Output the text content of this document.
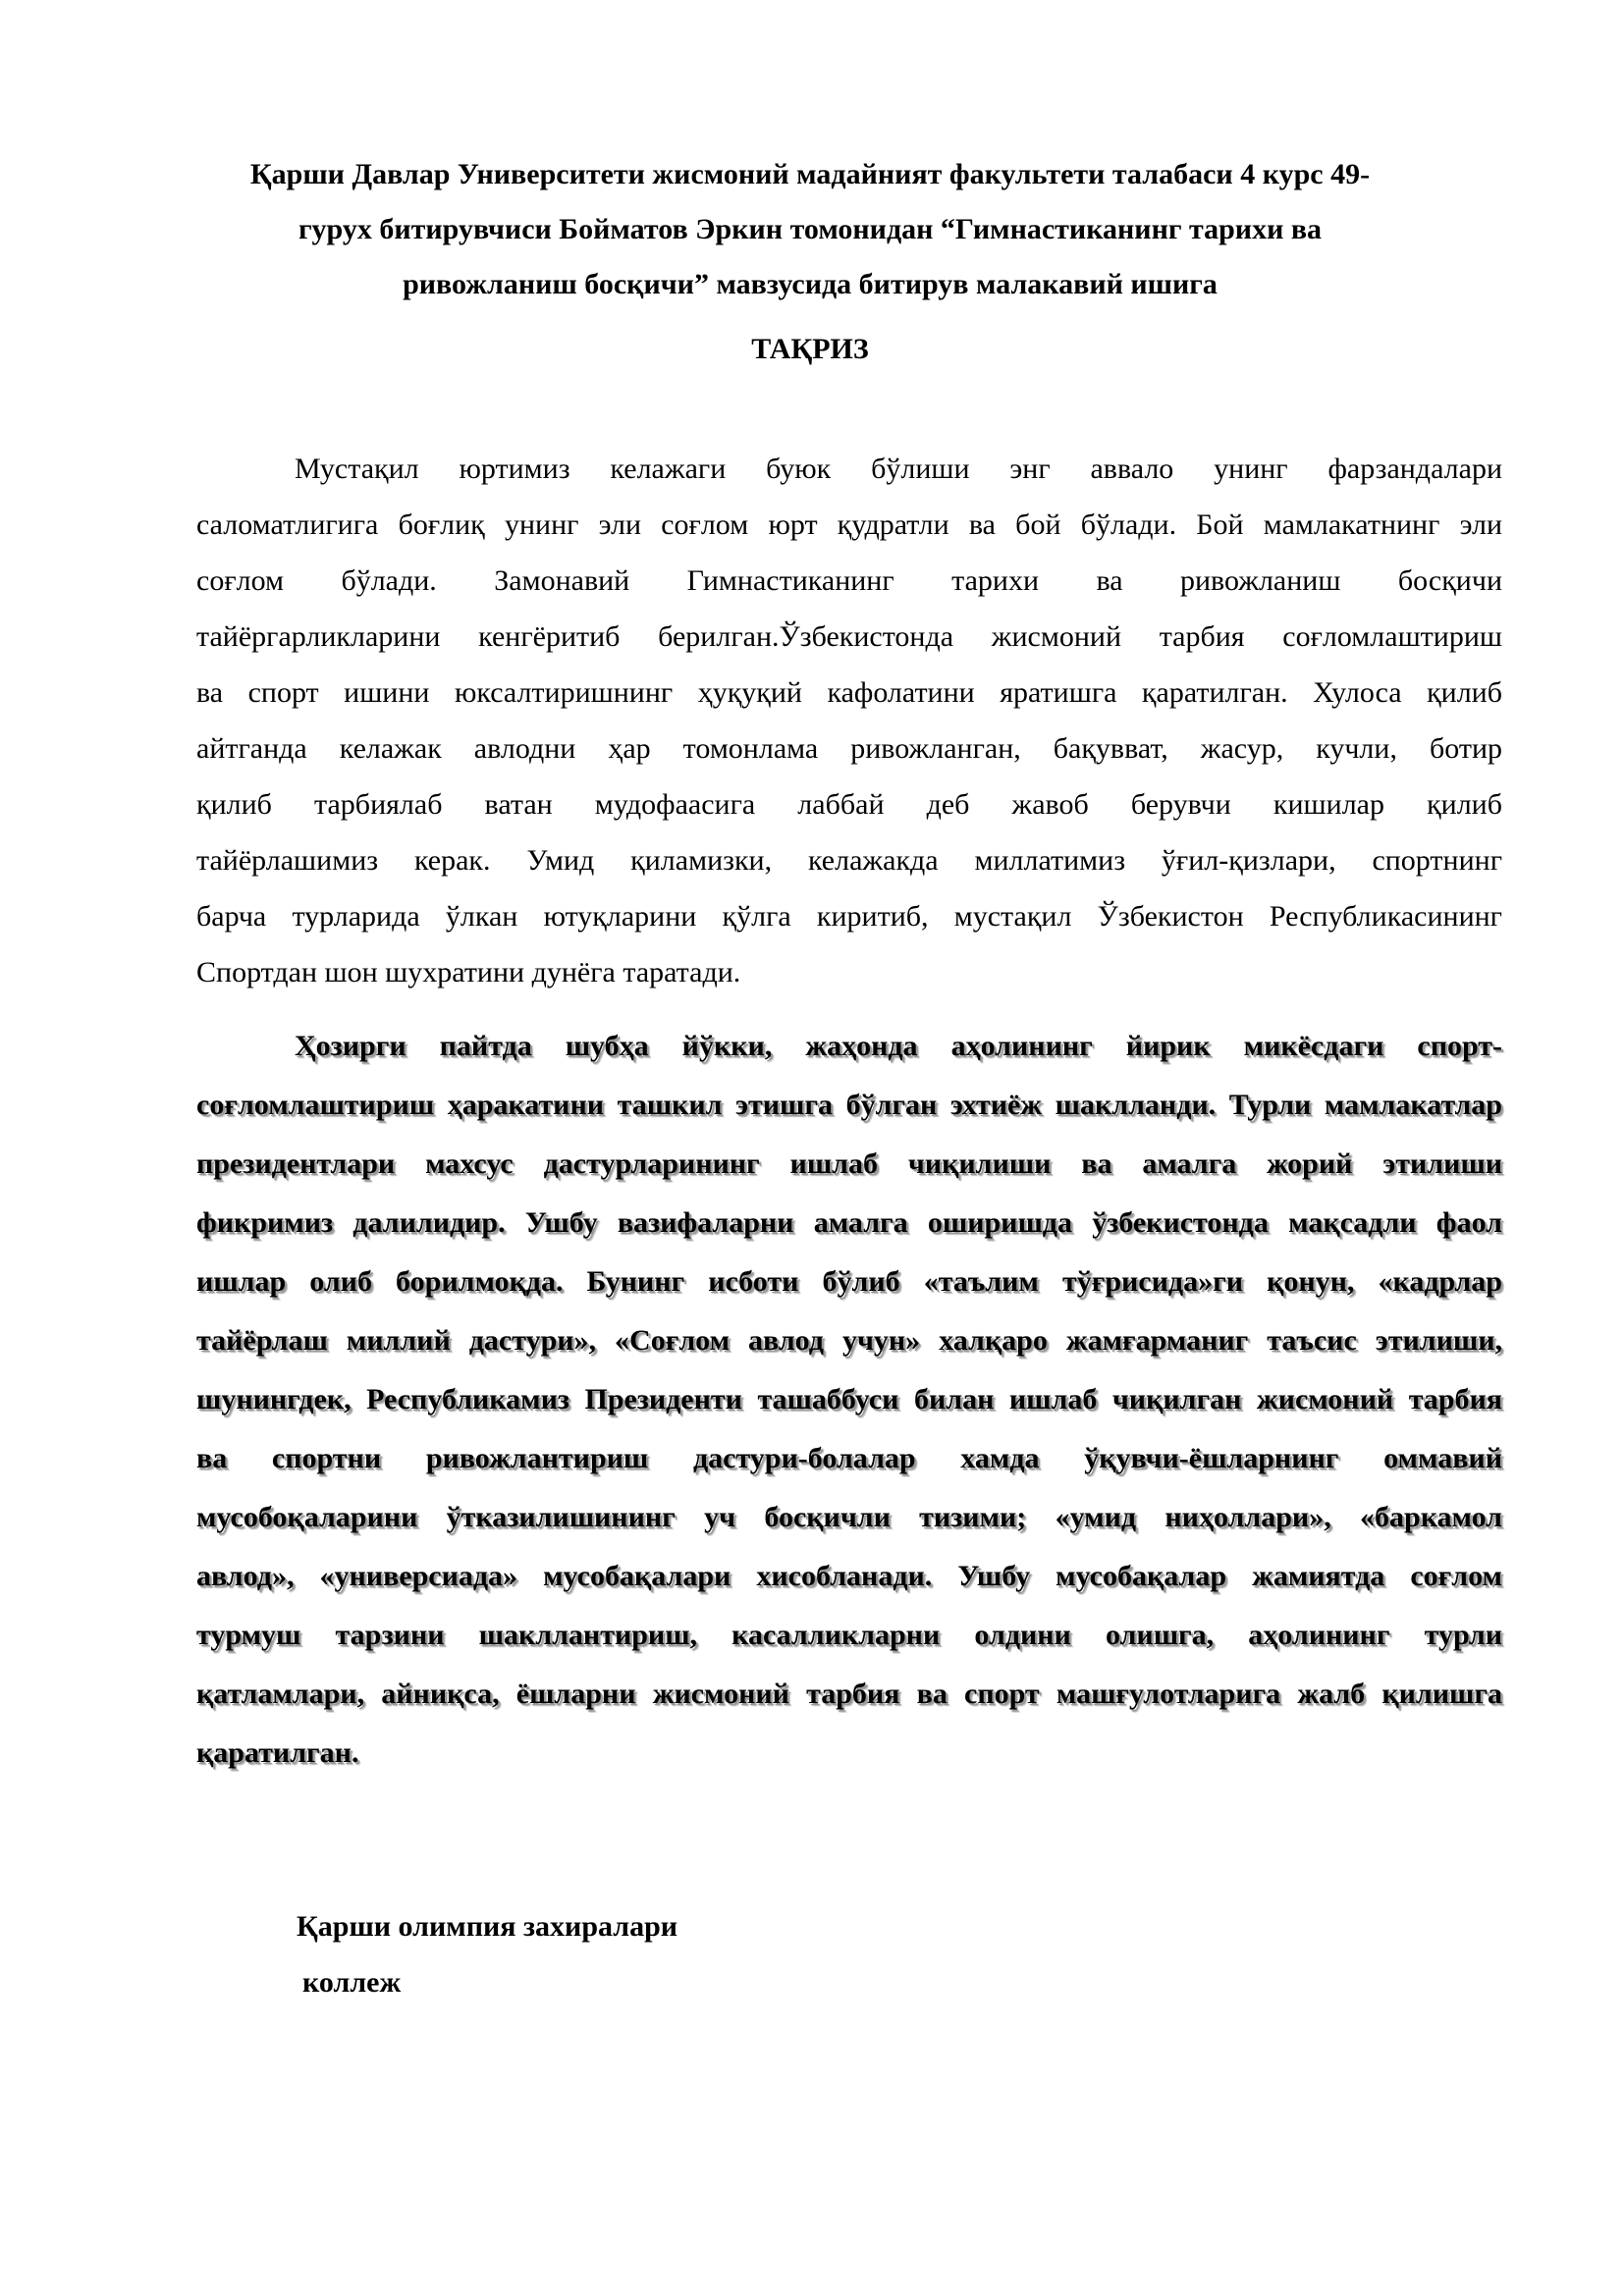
Қарши Давлар Университети жисмоний мадайният факультети талабаси 4 курс 49-
гурух битирувчиси Бойматов Эркин томонидан “Гимнастиканинг тарихи ва
ривожланиш босқичи” мавзусида битирув малакавий ишига
ТАҚРИЗ
Мустақил юртимиз келажаги буюк бўлиши энг аввало унинг фарзандалари
саломатлигига боғлиқ унинг эли соғлом юрт қудратли ва бой бўлади. Бой мамлакатнинг эли
соғлом бўлади. Замонавий Гимнастиканинг тарихи ва ривожланиш босқичи
тайёргарликларини кенгёритиб берилган.Ўзбекистонда жисмоний тарбия соғломлаштириш
ва спорт ишини юксалтиришнинг ҳуқуқий кафолатини яратишга қаратилган. Хулоса қилиб
айтганда келажак авлодни ҳар томонлама ривожланган, бақувват, жасур, кучли, ботир
қилиб тарбиялаб ватан мудофаасига лаббай деб жавоб берувчи кишилар қилиб
тайёрлашимиз керак. Умид қиламизки, келажакда миллатимиз ўғил-қизлари, спортнинг
барча турларида ўлкан ютуқларини қўлга киритиб, мустақил Ўзбекистон Республикасининг
Спортдан шон шухратини дунёга таратади.
Ҳозирги пайтда шубҳа йўкки, жаҳонда аҳолининг йирик микёсдаги спорт-
соғломлаштириш ҳаракатини ташкил этишга бўлган эхтиёж шаклланди. Турли мамлакатлар
президентлари махсус дастурларининг ишлаб чиқилиши ва амалга жорий этилиши
фикримиз далилидир. Ушбу вазифаларни амалга оширишда ўзбекистонда мақсадли фаол
ишлар олиб борилмоқда. Бунинг исботи бўлиб «таълим тўғрисида»ги қонун, «кадрлар
тайёрлаш миллий дастури», «Соғлом авлод учун» халқаро жамғарманиг таъсис этилиши,
шунингдек, Республикамиз Президенти ташаббуси билан ишлаб чиқилган жисмоний тарбия
ва спортни ривожлантириш дастури-болалар хамда ўқувчи-ёшларнинг оммавий
мусобоқаларини ўтказилишининг уч босқичли тизими; «умид ниҳоллари», «баркамол
авлод», «универсиада» мусобақалари хисобланади. Ушбу мусобақалар жамиятда соғлом
турмуш тарзини шакллантириш, касалликларни олдини олишга, аҳолининг турли
қатламлари, айниқса, ёшларни жисмоний тарбия ва спорт машғулотларига жалб қилишга
қаратилган.
Қарши олимпия захиралари
коллеж
